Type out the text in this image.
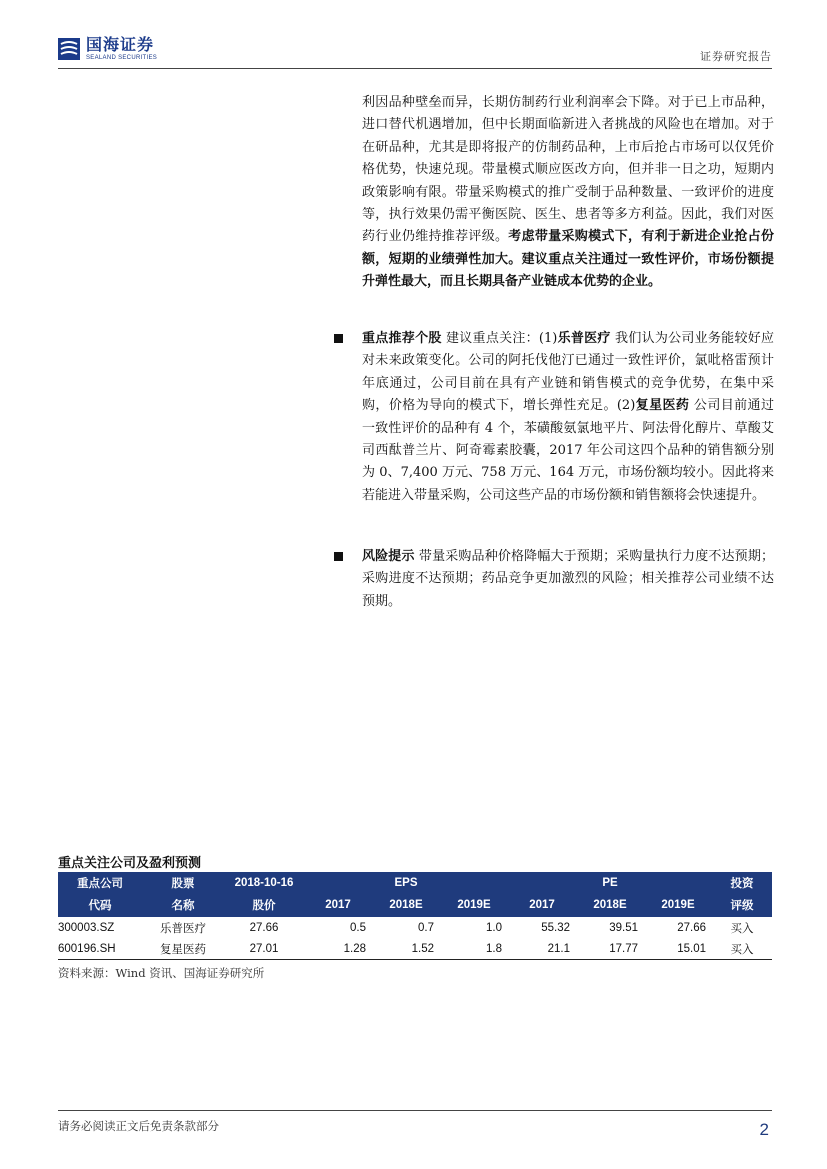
国海证券
SEALAND SECURITIES	证券研究报告
利因品种壁垒而异，长期仿制药行业利润率会下降。对于已上市品种，进口替代机遇增加，但中长期面临新进入者挑战的风险也在增加。对于在研品种，尤其是即将报产的仿制药品种，上市后抢占市场可以仅凭价格优势，快速兑现。带量模式顺应医改方向，但并非一日之功，短期内政策影响有限。带量采购模式的推广受制于品种数量、一致评价的进度等，执行效果仍需平衡医院、医生、患者等多方利益。因此，我们对医药行业仍维持推荐评级。考虑带量采购模式下，有利于新进企业抢占份额，短期的业绩弹性加大。建议重点关注通过一致性评价，市场份额提升弹性最大，而且长期具备产业链成本优势的企业。
重点推荐个股 建议重点关注：(1)乐普医疗 我们认为公司业务能较好应对未来政策变化。公司的阿托伐他汀已通过一致性评价，氯吡格雷预计年底通过，公司目前在具有产业链和销售模式的竞争优势，在集中采购，价格为导向的模式下，增长弹性充足。(2)复星医药 公司目前通过一致性评价的品种有 4 个，苯磺酸氨氯地平片、阿法骨化醇片、草酸艾司西酞普兰片、阿奇霉素胶囊，2017 年公司这四个品种的销售额分别为 0、7,400 万元、758 万元、164 万元，市场份额均较小。因此将来若能进入带量采购，公司这些产品的市场份额和销售额将会快速提升。
风险提示 带量采购品种价格降幅大于预期；采购量执行力度不达预期；采购进度不达预期；药品竞争更加激烈的风险；相关推荐公司业绩不达预期。
重点关注公司及盈利预测
重点公司	股票	2018-10-16		EPS			PE		投资
代码	名称	股价	2017	2018E	2019E	2017	2018E	2019E	评级
300003.SZ	乐普医疗	27.66	0.5	0.7	1.0	55.32	39.51	27.66	买入
600196.SH	复星医药	27.01	1.28	1.52	1.8	21.1	17.77	15.01	买入
资料来源：Wind 资讯、国海证券研究所
请务必阅读正文后免责条款部分	2
